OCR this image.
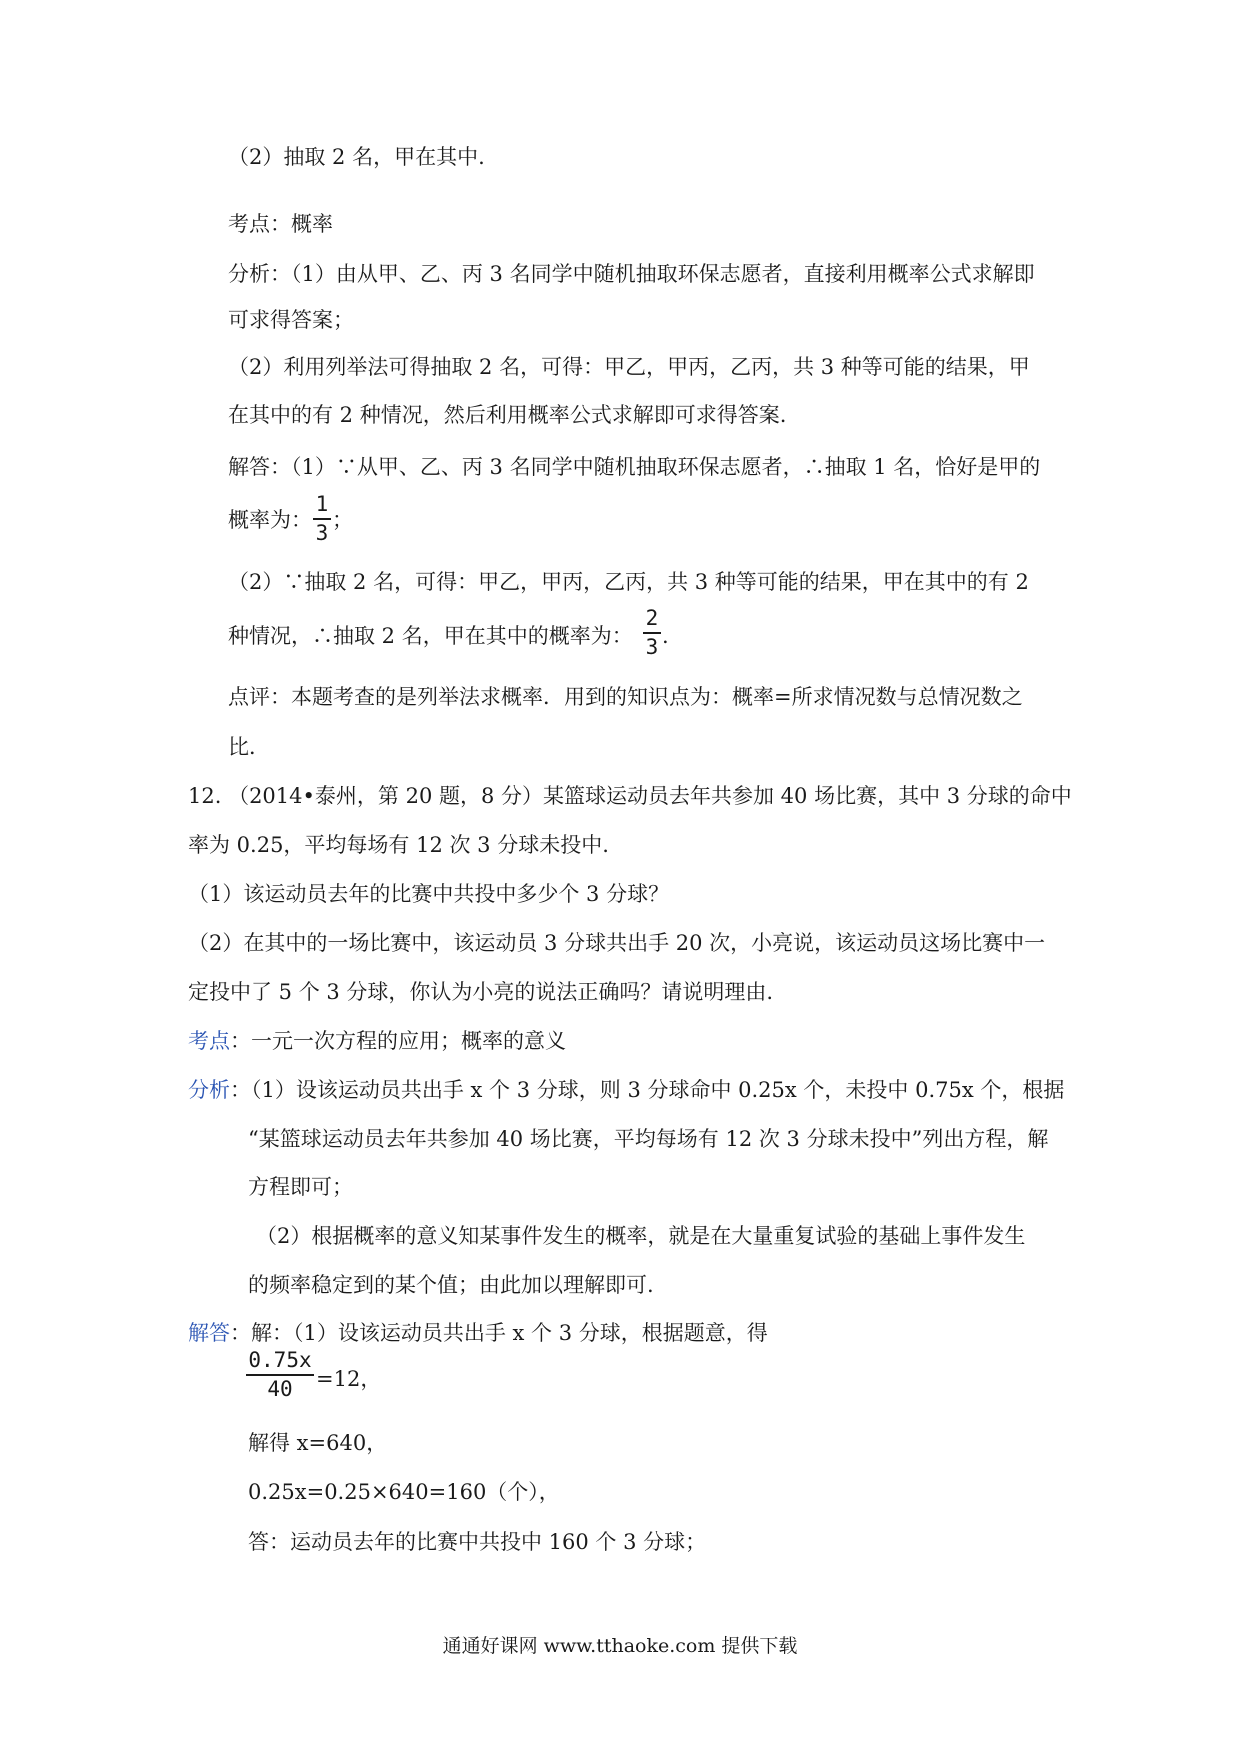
（2）抽取 2 名，甲在其中.
考点：概率
分析：（1）由从甲、乙、丙 3 名同学中随机抽取环保志愿者，直接利用概率公式求解即
可求得答案；
（2）利用列举法可得抽取 2 名，可得：甲乙，甲丙，乙丙，共 3 种等可能的结果，甲
在其中的有 2 种情况，然后利用概率公式求解即可求得答案.
解答：（1）∵从甲、乙、丙 3 名同学中随机抽取环保志愿者，∴抽取 1 名，恰好是甲的
概率为：
1
3
；
（2）∵抽取 2 名，可得：甲乙，甲丙，乙丙，共 3 种等可能的结果，甲在其中的有 2
种情况，∴抽取 2 名，甲在其中的概率为：
2
3 .
点评：本题考查的是列举法求概率．用到的知识点为：概率=所求情况数与总情况数之
比．
12. （2014•泰州，第 20 题，8 分）某篮球运动员去年共参加 40 场比赛，其中 3 分球的命中
率为 0.25，平均每场有 12 次 3 分球未投中.
（1）该运动员去年的比赛中共投中多少个 3 分球？
（2）在其中的一场比赛中，该运动员 3 分球共出手 20 次，小亮说，该运动员这场比赛中一
定投中了 5 个 3 分球，你认为小亮的说法正确吗？请说明理由.
考点：一元一次方程的应用；概率的意义
分析：（1）设该运动员共出手 x 个 3 分球，则 3 分球命中 0.25x 个，未投中 0.75x 个，根据
“某篮球运动员去年共参加 40 场比赛，平均每场有 12 次 3 分球未投中”列出方程，解
方程即可；
（2）根据概率的意义知某事件发生的概率，就是在大量重复试验的基础上事件发生
的频率稳定到的某个值；由此加以理解即可.
解答：解：（1）设该运动员共出手 x 个 3 分球，根据题意，得
0.75x
40	=12，
解得 x=640，
0.25x=0.25×640=160（个），
答：运动员去年的比赛中共投中 160 个 3 分球；
通通好课网 www.tthaoke.com 提供下载
